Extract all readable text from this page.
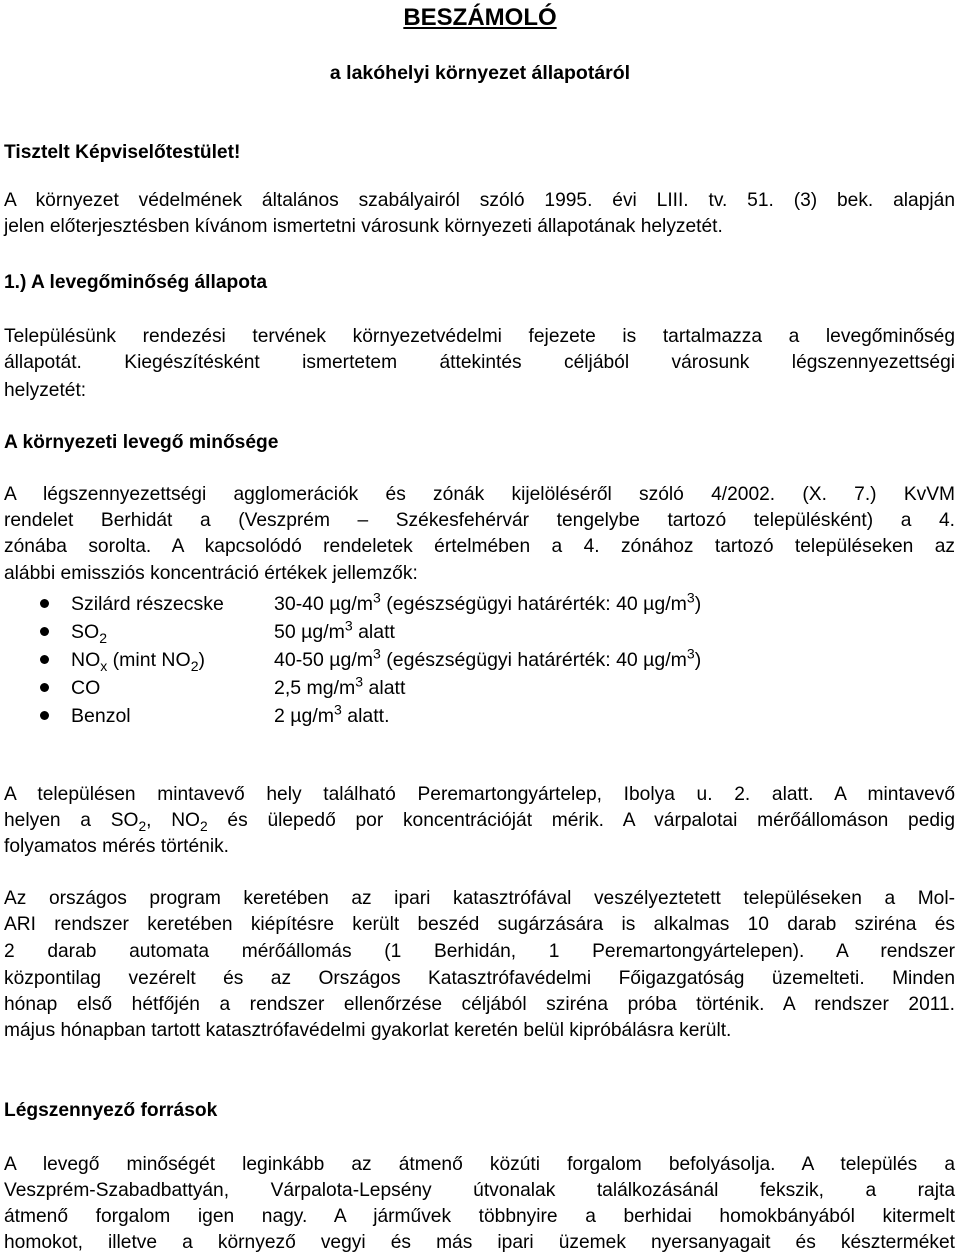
BESZÁMOLÓ

a lakóhelyi környezet állapotáról

Tisztelt Képviselőtestület!

A környezet védelmének általános szabályairól szóló 1995. évi LIII. tv. 51. (3) bek. alapján

jelen előterjesztésben kívánom ismertetni városunk környezeti állapotának helyzetét.

1.) A levegőminőség állapota

Településünk rendezési tervének környezetvédelmi fejezete is tartalmazza a levegőminőség

állapotát. Kiegészítésként ismertetem áttekintés céljából városunk légszennyezettségi

helyzetét:

A környezeti levegő minősége

A légszennyezettségi agglomerációk és zónák kijelöléséről szóló 4/2002. (X. 7.) KvVM

rendelet Berhidát a (Veszprém – Székesfehérvár tengelybe tartozó településként) a 4.

zónába sorolta. A kapcsolódó rendeletek értelmében a 4. zónához tartozó településeken az

alábbi emissziós koncentráció értékek jellemzők:

Szilárd részecske	30-40 $\mu g/m^3$ (egészségügyi határérték: 40 $\mu g/m^3$)
$SO_2$	50 $\mu g/m^3$ alatt
$NO_x$ (mint $NO_2$)	40-50 $\mu g/m^3$ (egészségügyi határérték: 40 $\mu g/m^3$)
CO	2,5 $mg/m^3$ alatt
Benzol	2 $\mu g/m^3$ alatt.

A településen mintavevő hely található Peremartongyártelep, Ibolya u. 2. alatt. A mintavevő

helyen a $SO_2$, $NO_2$ és ülepedő por koncentrációját mérik. A várpalotai mérőállomáson pedig

folyamatos mérés történik.

Az országos program keretében az ipari katasztrófával veszélyeztetett településeken a Mol-

ARI rendszer keretében kiépítésre került beszéd sugárzására is alkalmas 10 darab sziréna és

2 darab automata mérőállomás (1 Berhidán, 1 Peremartongyártelepen). A rendszer

központilag vezérelt és az Országos Katasztrófavédelmi Főigazgatóság üzemelteti. Minden

hónap első hétfőjén a rendszer ellenőrzése céljából sziréna próba történik. A rendszer 2011.

május hónapban tartott katasztrófavédelmi gyakorlat keretén belül kipróbálásra került.

Légszennyező források

A levegő minőségét leginkább az átmenő közúti forgalom befolyásolja. A település a

Veszprém-Szabadbattyán, Várpalota-Lepsény útvonalak találkozásánál fekszik, a rajta

átmenő forgalom igen nagy. A járművek többnyire a berhidai homokbányából kitermelt

homokot, illetve a környező vegyi és más ipari üzemek nyersanyagait és készterméket
